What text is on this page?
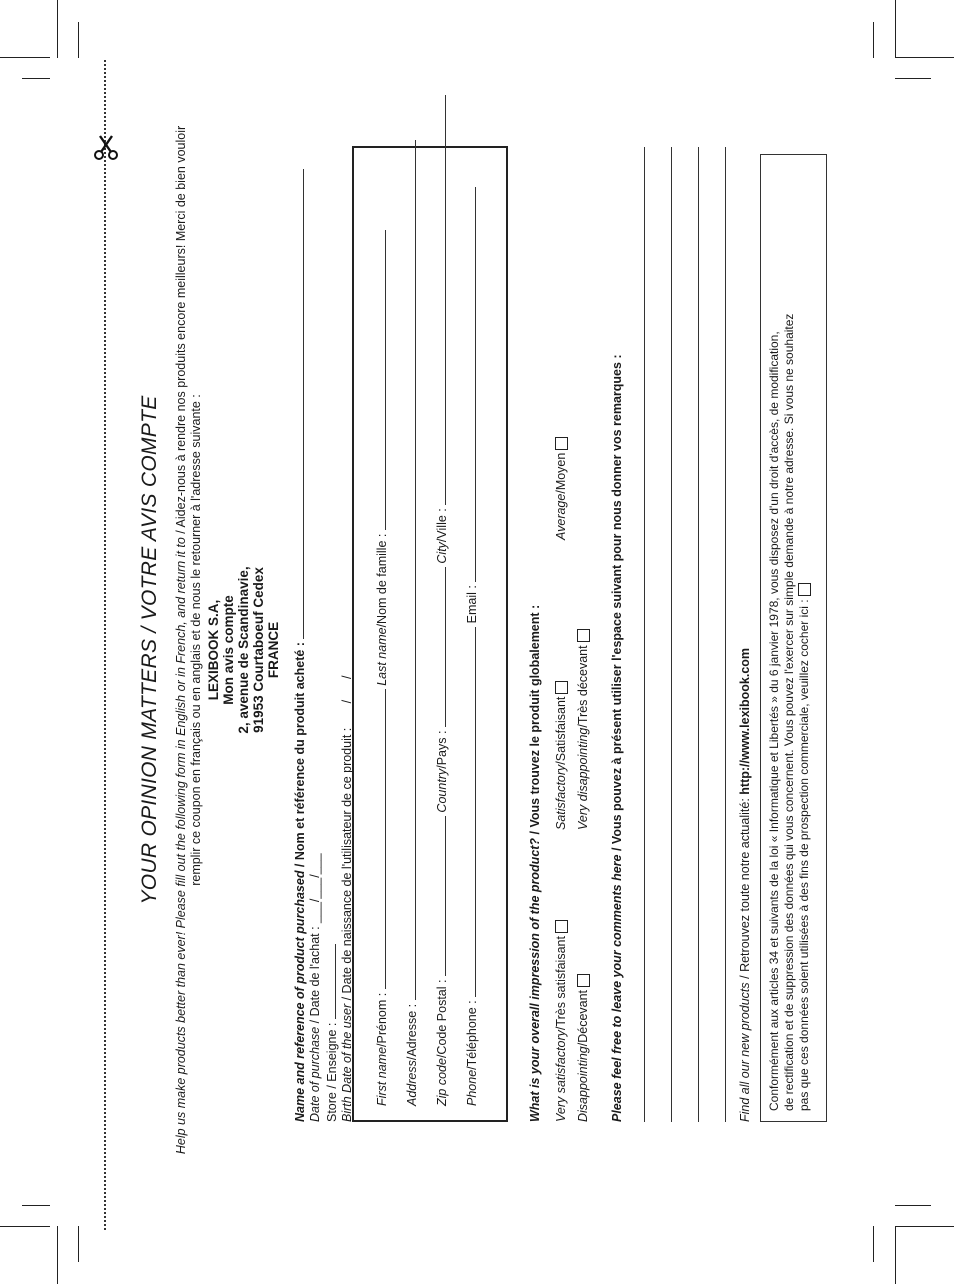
YOUR OPINION MATTERS / VOTRE AVIS COMPTE Help us make products better than ever! Please fill out the following form in English or in French, and return it to / Aidez-nous à rendre nos produits encore meilleurs! Merci de bien vouloir remplir ce coupon en français ou en anglais et de nous le retourner à l'adresse suivante : LEXIBOOK S.A, Mon avis compte 2, avenue de Scandinavie, 91953 Courtaboeuf Cedex FRANCE
Name and reference of product purchased / Nom et référence du produit acheté :
Date of purchase / Date de l'achat : ___/___/___
Store / Enseigne : Birth Date of the user / Date de naissance de l'utilisateur de ce produit : ___/___/___
First name/Prénom :  Last name/Nom de famille :
Address/Adresse :
Zip code/Code Postal :  Country/Pays :  City/Ville :
Phone/Téléphone :  Email :
What is your overall impression of the product? / Vous trouvez le produit globalement :
Very satisfactory/Très satisfaisant
Satisfactory/Satisfaisant
Average/Moyen
Disappointing/Décevant
Very disappointing/Très décevant
Please feel free to leave your comments here / Vous pouvez à présent utiliser l'espace suivant pour nous donner vos remarques :
Find all our new products / Retrouvez toute notre actualité: http://www.lexibook.com Conformément aux articles 34 et suivants de la loi « Informatique et Libertés » du 6 janvier 1978, vous disposez d'un droit d'accès, de modification, de rectification et de suppression des données qui vous concernent. Vous pouvez l'exercer sur simple demande à notre adresse. Si vous ne souhaitez pas que ces données soient utilisées à des fins de prospection commerciale, veuillez cocher ici :
